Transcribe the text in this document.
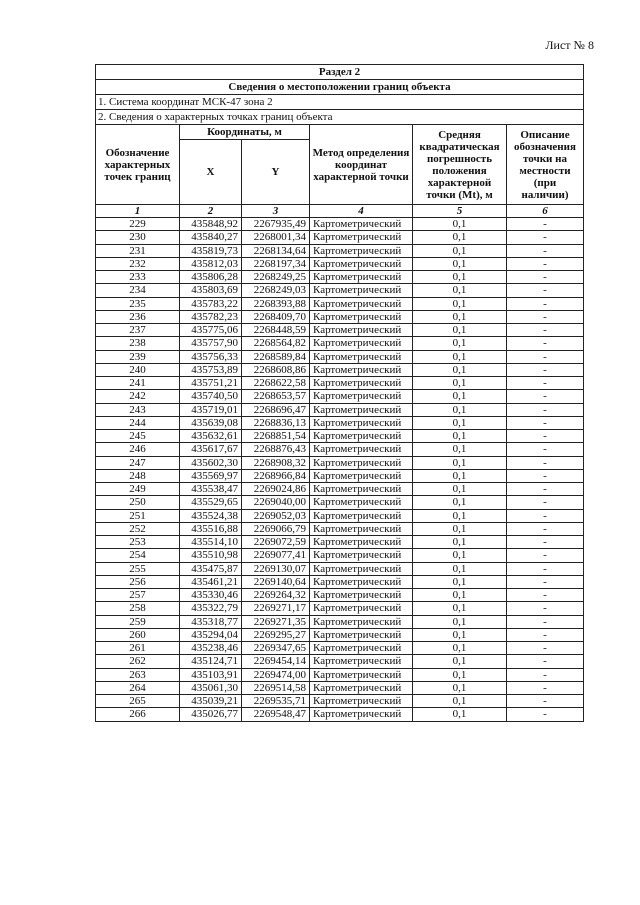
Лист № 8
Раздел 2					
Сведения о местоположении границ объекта					
1. Система координат МСК-47 зона 2					
2. Сведения о характерных точках границ объекта					
Обозначение характерных точек границ	Координаты, м		Метод определения координат характерной точки	Средняя квадратическая погрешность положения характерной точки (Mt), м	Описание обозначения точки на местности (при наличии)
	X	Y			
1	2	3	4	5	6
229	435848,92	2267935,49	Картометрический	0,1	-
230	435840,27	2268001,34	Картометрический	0,1	-
231	435819,73	2268134,64	Картометрический	0,1	-
232	435812,03	2268197,34	Картометрический	0,1	-
233	435806,28	2268249,25	Картометрический	0,1	-
234	435803,69	2268249,03	Картометрический	0,1	-
235	435783,22	2268393,88	Картометрический	0,1	-
236	435782,23	2268409,70	Картометрический	0,1	-
237	435775,06	2268448,59	Картометрический	0,1	-
238	435757,90	2268564,82	Картометрический	0,1	-
239	435756,33	2268589,84	Картометрический	0,1	-
240	435753,89	2268608,86	Картометрический	0,1	-
241	435751,21	2268622,58	Картометрический	0,1	-
242	435740,50	2268653,57	Картометрический	0,1	-
243	435719,01	2268696,47	Картометрический	0,1	-
244	435639,08	2268836,13	Картометрический	0,1	-
245	435632,61	2268851,54	Картометрический	0,1	-
246	435617,67	2268876,43	Картометрический	0,1	-
247	435602,30	2268908,32	Картометрический	0,1	-
248	435569,97	2268966,84	Картометрический	0,1	-
249	435538,47	2269024,86	Картометрический	0,1	-
250	435529,65	2269040,00	Картометрический	0,1	-
251	435524,38	2269052,03	Картометрический	0,1	-
252	435516,88	2269066,79	Картометрический	0,1	-
253	435514,10	2269072,59	Картометрический	0,1	-
254	435510,98	2269077,41	Картометрический	0,1	-
255	435475,87	2269130,07	Картометрический	0,1	-
256	435461,21	2269140,64	Картометрический	0,1	-
257	435330,46	2269264,32	Картометрический	0,1	-
258	435322,79	2269271,17	Картометрический	0,1	-
259	435318,77	2269271,35	Картометрический	0,1	-
260	435294,04	2269295,27	Картометрический	0,1	-
261	435238,46	2269347,65	Картометрический	0,1	-
262	435124,71	2269454,14	Картометрический	0,1	-
263	435103,91	2269474,00	Картометрический	0,1	-
264	435061,30	2269514,58	Картометрический	0,1	-
265	435039,21	2269535,71	Картометрический	0,1	-
266	435026,77	2269548,47	Картометрический	0,1	-
